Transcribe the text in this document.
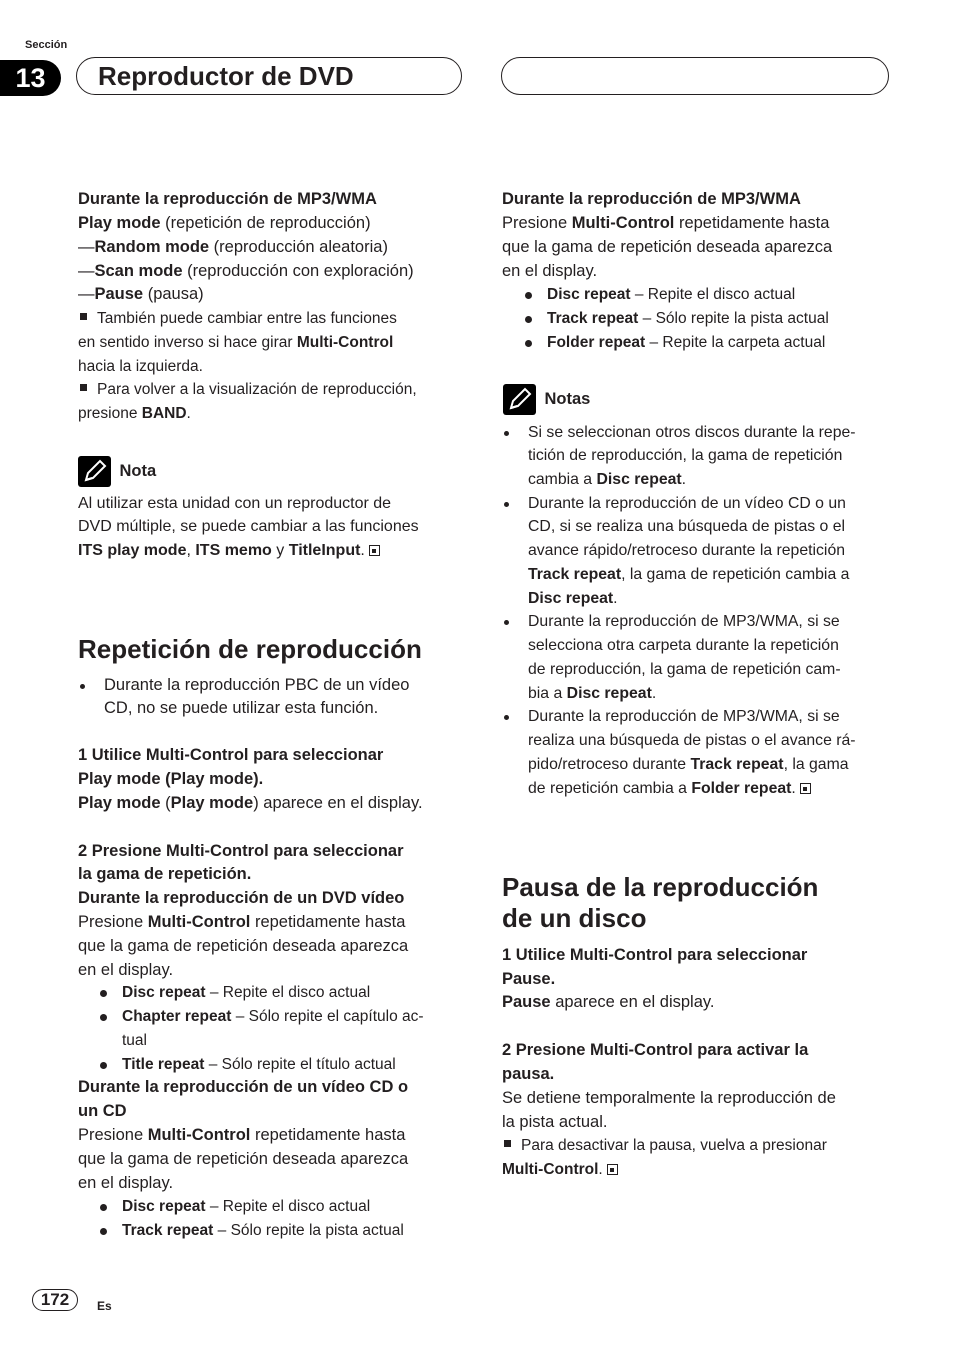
Sección
13	Reproductor de DVD
Durante la reproducción de MP3/WMA
Play mode (repetición de reproducción)
—Random mode (reproducción aleatoria)
—Scan mode (reproducción con exploración)
—Pause (pausa)
También puede cambiar entre las funciones
en sentido inverso si hace girar Multi-Control
hacia la izquierda.
Para volver a la visualización de reproducción,
presione BAND.
Nota
Al utilizar esta unidad con un reproductor de
DVD múltiple, se puede cambiar a las funciones
ITS play mode, ITS memo y TitleInput.
Repetición de reproducción
Durante la reproducción PBC de un vídeo
CD, no se puede utilizar esta función.
1 Utilice Multi-Control para seleccionar
Play mode (Play mode).
Play mode (Play mode) aparece en el display.
2 Presione Multi-Control para seleccionar
la gama de repetición.
Durante la reproducción de un DVD vídeo
Presione Multi-Control repetidamente hasta
que la gama de repetición deseada aparezca
en el display.
Disc repeat – Repite el disco actual
Chapter repeat – Sólo repite el capítulo ac-
tual
Title repeat – Sólo repite el título actual
Durante la reproducción de un vídeo CD o
un CD
Presione Multi-Control repetidamente hasta
que la gama de repetición deseada aparezca
en el display.
Disc repeat – Repite el disco actual
Track repeat – Sólo repite la pista actual
Durante la reproducción de MP3/WMA
Presione Multi-Control repetidamente hasta
que la gama de repetición deseada aparezca
en el display.
Disc repeat – Repite el disco actual
Track repeat – Sólo repite la pista actual
Folder repeat – Repite la carpeta actual
Notas
Si se seleccionan otros discos durante la repe-
tición de reproducción, la gama de repetición
cambia a Disc repeat.
Durante la reproducción de un vídeo CD o un
CD, si se realiza una búsqueda de pistas o el
avance rápido/retroceso durante la repetición
Track repeat, la gama de repetición cambia a
Disc repeat.
Durante la reproducción de MP3/WMA, si se
selecciona otra carpeta durante la repetición
de reproducción, la gama de repetición cam-
bia a Disc repeat.
Durante la reproducción de MP3/WMA, si se
realiza una búsqueda de pistas o el avance rá-
pido/retroceso durante Track repeat, la gama
de repetición cambia a Folder repeat.
Pausa de la reproducción
de un disco
1 Utilice Multi-Control para seleccionar
Pause.
Pause aparece en el display.
2 Presione Multi-Control para activar la
pausa.
Se detiene temporalmente la reproducción de
la pista actual.
Para desactivar la pausa, vuelva a presionar
Multi-Control.
172	Es
